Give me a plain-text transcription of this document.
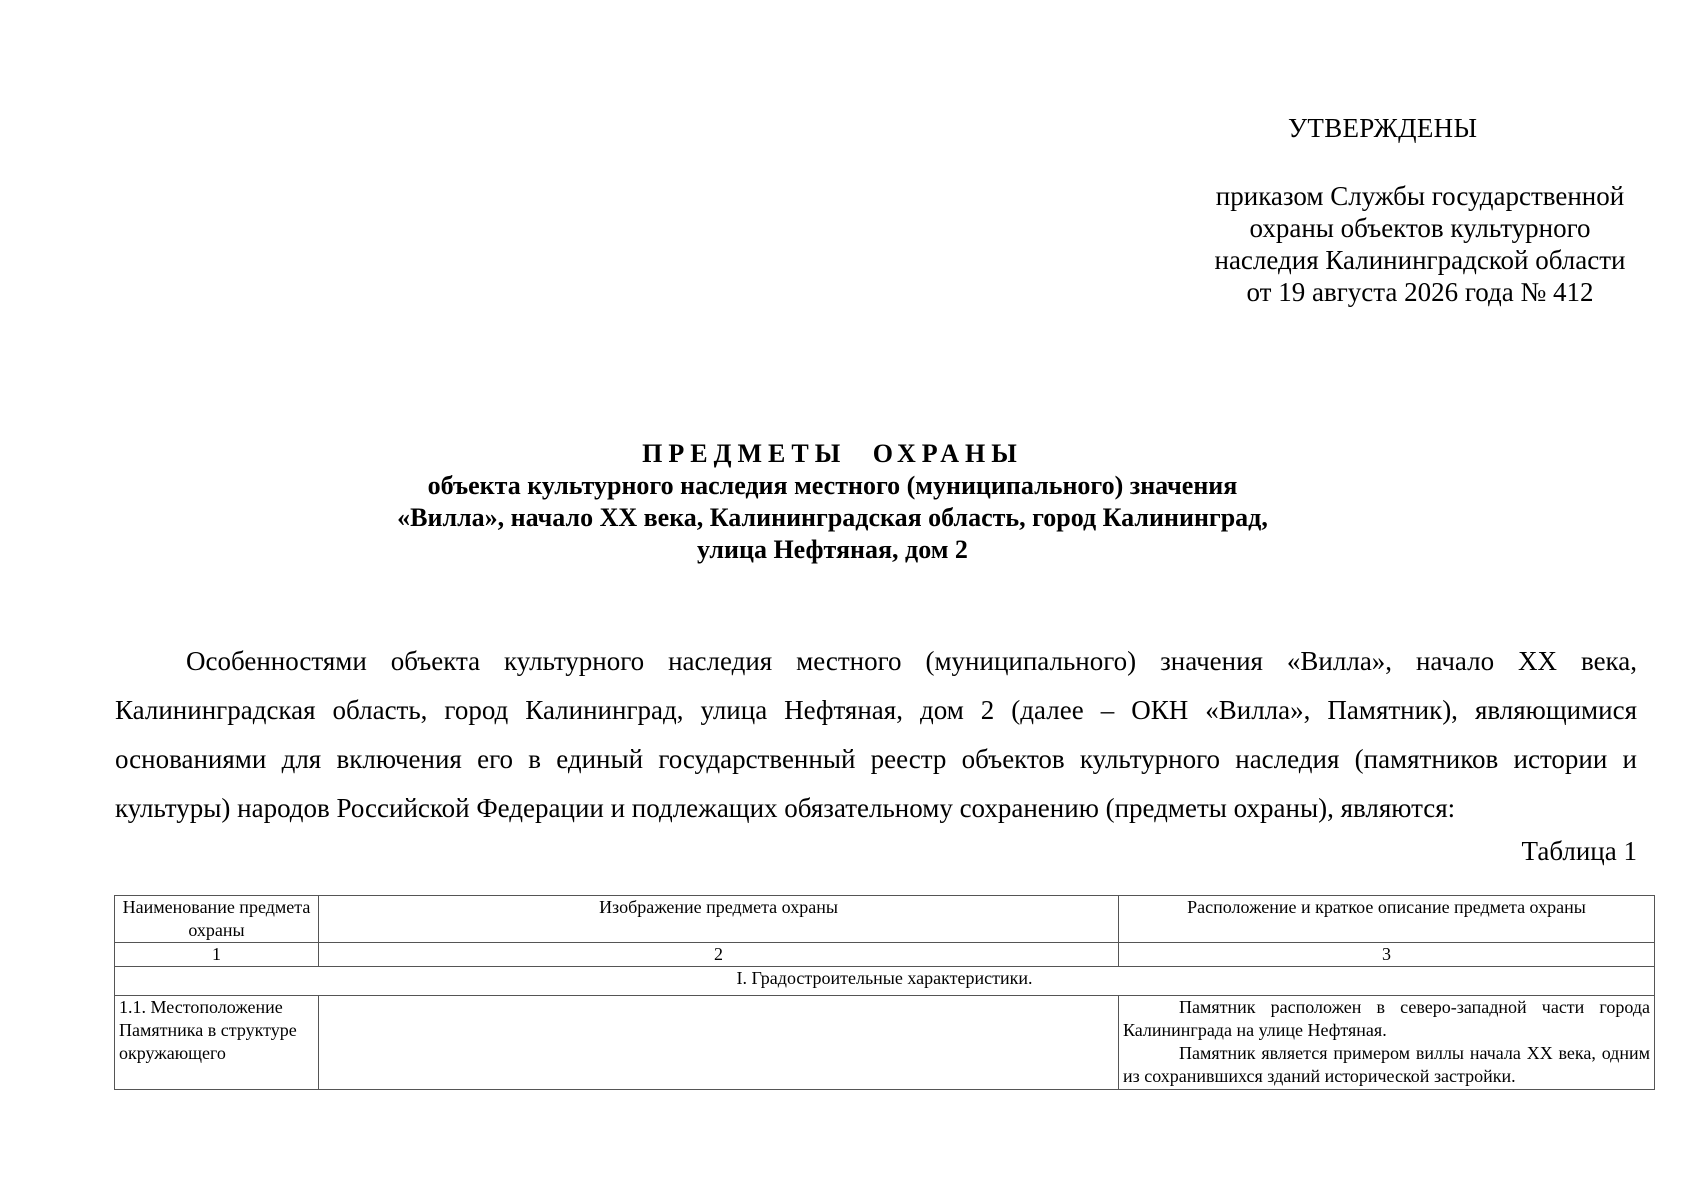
УТВЕРЖДЕНЫ
приказом Службы государственной
охраны объектов культурного
наследия Калининградской области
от 19 августа 2026 года № 412
ПРЕДМЕТЫ ОХРАНЫ
объекта культурного наследия местного (муниципального) значения
«Вилла», начало ХХ века, Калининградская область, город Калининград,
улица Нефтяная, дом 2
Особенностями объекта культурного наследия местного (муниципального) значения «Вилла», начало ХХ века, Калининградская область, город Калининград, улица Нефтяная, дом 2 (далее – ОКН «Вилла», Памятник), являющимися основаниями для включения его в единый государственный реестр объектов культурного наследия (памятников истории и культуры) народов Российской Федерации и подлежащих обязательному сохранению (предметы охраны), являются:
Таблица 1
Наименование предмета охраны	Изображение предмета охраны	Расположение и краткое описание предмета охраны
1	2	3
I. Градостроительные характеристики.		
1.1. Местоположение Памятника в структуре окружающего		Памятник расположен в северо-западной части города Калининграда на улице Нефтяная.

Памятник является примером виллы начала ХХ века, одним из сохранившихся зданий исторической застройки.
